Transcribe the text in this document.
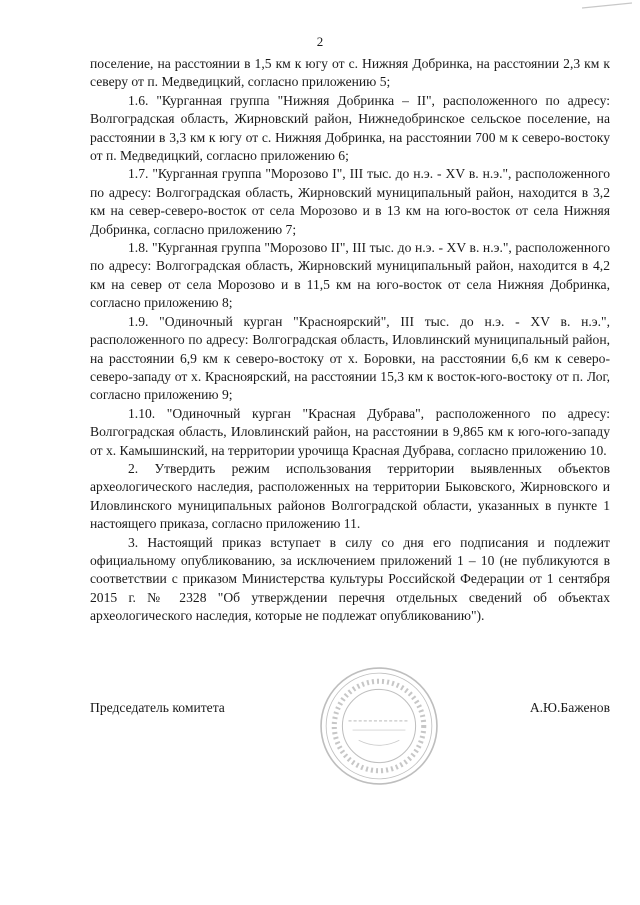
2

поселение, на расстоянии в 1,5 км к югу от с. Нижняя Добринка, на расстоянии 2,3 км к северу от п. Медведицкий, согласно приложению 5;

1.6. "Курганная группа "Нижняя Добринка – II", расположенного по адресу: Волгоградская область, Жирновский район, Нижнедобринское сельское поселение, на расстоянии в 3,3 км к югу от с. Нижняя Добринка, на расстоянии 700 м к северо-востоку от п. Медведицкий, согласно приложению 6;

1.7. "Курганная группа "Морозово I", III тыс. до н.э. - XV в. н.э.", расположенного по адресу: Волгоградская область, Жирновский муниципальный район, находится в 3,2 км на север-северо-восток от села Морозово и в 13 км на юго-восток от села Нижняя Добринка, согласно приложению 7;

1.8. "Курганная группа "Морозово II", III тыс. до н.э. - XV в. н.э.", расположенного по адресу: Волгоградская область, Жирновский муниципальный район, находится в 4,2 км на север от села Морозово и в 11,5 км на юго-восток от села Нижняя Добринка, согласно приложению 8;

1.9. "Одиночный курган "Красноярский", III тыс. до н.э. - XV в. н.э.", расположенного по адресу: Волгоградская область, Иловлинский муниципальный район, на расстоянии 6,9 км к северо-востоку от х. Боровки, на расстоянии 6,6 км к северо-северо-западу от х. Красноярский, на расстоянии 15,3 км к восток-юго-востоку от п. Лог, согласно приложению 9;

1.10. "Одиночный курган "Красная Дубрава", расположенного по адресу: Волгоградская область, Иловлинский район, на расстоянии в 9,865 км к юго-юго-западу от х. Камышинский, на территории урочища Красная Дубрава, согласно приложению 10.

2. Утвердить режим использования территории выявленных объектов археологического наследия, расположенных на территории Быковского, Жирновского и Иловлинского муниципальных районов Волгоградской области, указанных в пункте 1 настоящего приказа, согласно приложению 11.

3. Настоящий приказ вступает в силу со дня его подписания и подлежит официальному опубликованию, за исключением приложений 1 – 10 (не публикуются в соответствии с приказом Министерства культуры Российской Федерации от 1 сентября 2015 г. № 2328 "Об утверждении перечня отдельных сведений об объектах археологического наследия, которые не подлежат опубликованию").

Председатель комитета	А.Ю.Баженов
